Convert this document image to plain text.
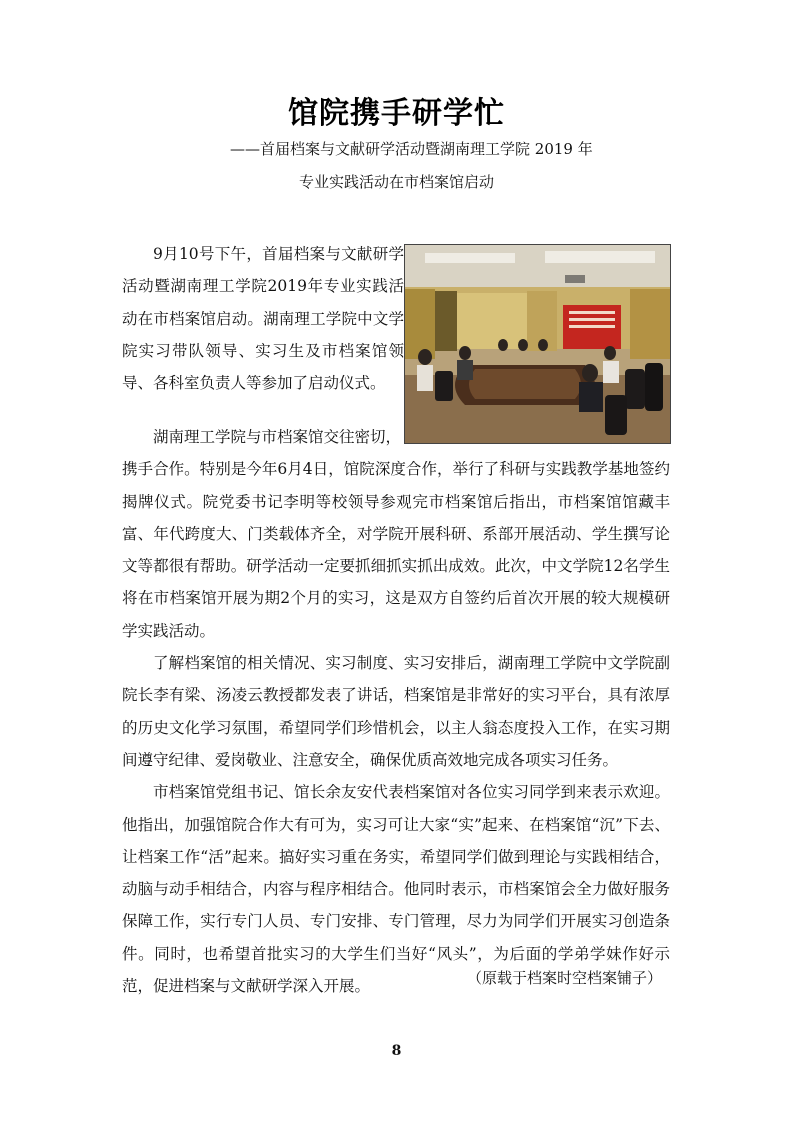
馆院携手研学忙
——首届档案与文献研学活动暨湖南理工学院 2019 年
专业实践活动在市档案馆启动

9月10号下午，首届档案与文献研学活动暨湖南理工学院2019年专业实践活动在市档案馆启动。湖南理工学院中文学院实习带队领导、实习生及市档案馆领导、各科室负责人等参加了启动仪式。

湖南理工学院与市档案馆交往密切，

携手合作。特别是今年6月4日，馆院深度合作，举行了科研与实践教学基地签约揭牌仪式。院党委书记李明等校领导参观完市档案馆后指出，市档案馆馆藏丰富、年代跨度大、门类载体齐全，对学院开展科研、系部开展活动、学生撰写论文等都很有帮助。研学活动一定要抓细抓实抓出成效。此次，中文学院12名学生将在市档案馆开展为期2个月的实习，这是双方自签约后首次开展的较大规模研学实践活动。

了解档案馆的相关情况、实习制度、实习安排后，湖南理工学院中文学院副院长李有梁、汤凌云教授都发表了讲话，档案馆是非常好的实习平台，具有浓厚的历史文化学习氛围，希望同学们珍惜机会，以主人翁态度投入工作，在实习期间遵守纪律、爱岗敬业、注意安全，确保优质高效地完成各项实习任务。

市档案馆党组书记、馆长余友安代表档案馆对各位实习同学到来表示欢迎。他指出，加强馆院合作大有可为，实习可让大家“实”起来、在档案馆“沉”下去、让档案工作“活”起来。搞好实习重在务实，希望同学们做到理论与实践相结合，动脑与动手相结合，内容与程序相结合。他同时表示，市档案馆会全力做好服务保障工作，实行专门人员、专门安排、专门管理，尽力为同学们开展实习创造条件。同时，也希望首批实习的大学生们当好“风头”，为后面的学弟学妹作好示范，促进档案与文献研学深入开展。	（原载于档案时空档案铺子）
8
